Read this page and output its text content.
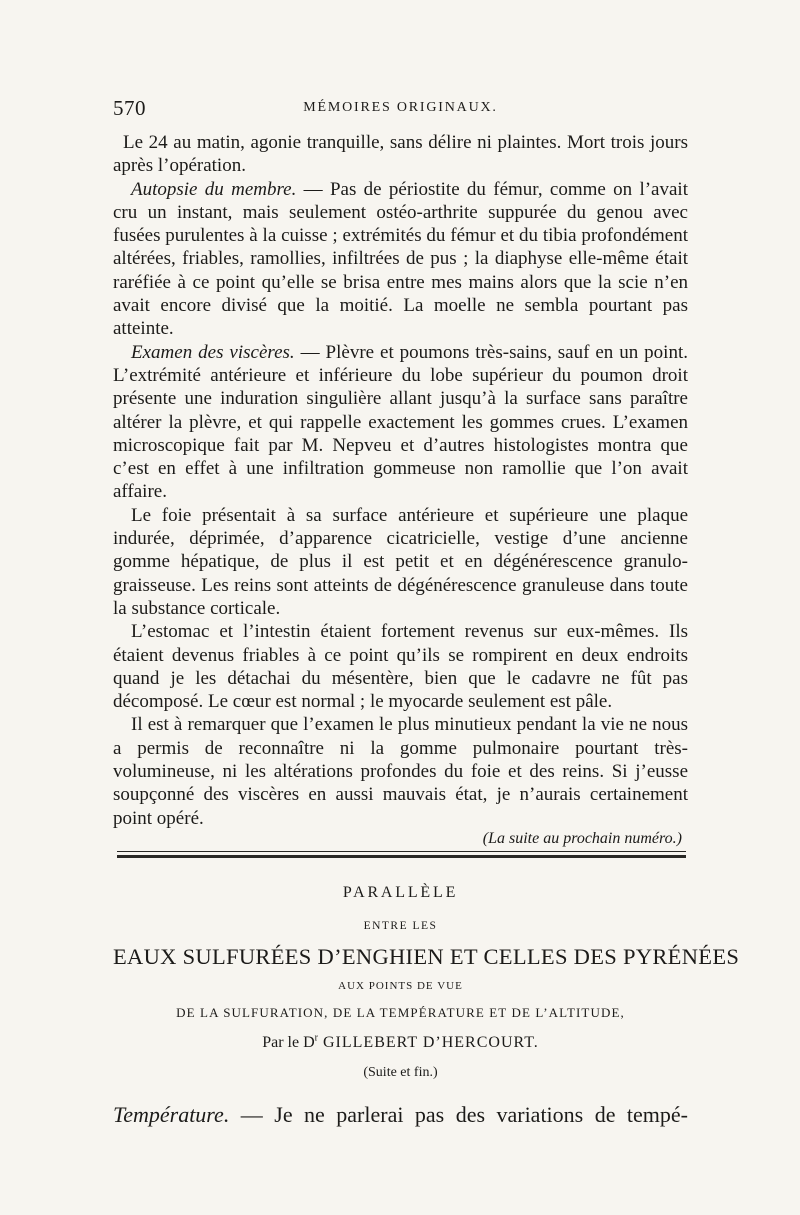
570	MÉMOIRES ORIGINAUX.

Le 24 au matin, agonie tranquille, sans délire ni plaintes. Mort trois jours après l’opération.

Autopsie du membre. — Pas de périostite du fémur, comme on l’avait cru un instant, mais seulement ostéo-arthrite suppurée du genou avec fusées purulentes à la cuisse ; extrémités du fémur et du tibia profondément altérées, friables, ramollies, infiltrées de pus ; la diaphyse elle-même était raréfiée à ce point qu’elle se brisa entre mes mains alors que la scie n’en avait encore divisé que la moitié. La moelle ne sembla pourtant pas atteinte.

Examen des viscères. — Plèvre et poumons très-sains, sauf en un point. L’extrémité antérieure et inférieure du lobe supérieur du poumon droit présente une induration singulière allant jusqu’à la surface sans paraître altérer la plèvre, et qui rappelle exactement les gommes crues. L’examen microscopique fait par M. Nepveu et d’autres histologistes montra que c’est en effet à une infiltration gommeuse non ramollie que l’on avait affaire.

Le foie présentait à sa surface antérieure et supérieure une plaque indurée, déprimée, d’apparence cicatricielle, vestige d’une ancienne gomme hépatique, de plus il est petit et en dégénérescence granulo-graisseuse. Les reins sont atteints de dégénérescence granuleuse dans toute la substance corticale.

L’estomac et l’intestin étaient fortement revenus sur eux-mêmes. Ils étaient devenus friables à ce point qu’ils se rompirent en deux endroits quand je les détachai du mésentère, bien que le cadavre ne fût pas décomposé. Le cœur est normal ; le myocarde seulement est pâle.

Il est à remarquer que l’examen le plus minutieux pendant la vie ne nous a permis de reconnaître ni la gomme pulmonaire pourtant très-volumineuse, ni les altérations profondes du foie et des reins. Si j’eusse soupçonné des viscères en aussi mauvais état, je n’aurais certainement point opéré.

(La suite au prochain numéro.)
PARALLÈLE
ENTRE LES
EAUX SULFURÉES D’ENGHIEN ET CELLES DES PYRÉNÉES
AUX POINTS DE VUE
DE LA SULFURATION, DE LA TEMPÉRATURE ET DE L’ALTITUDE,
Par le $D^r$ GILLEBERT D’HERCOURT.
(Suite et fin.)
Température. — Je ne parlerai pas des variations de tempé-
